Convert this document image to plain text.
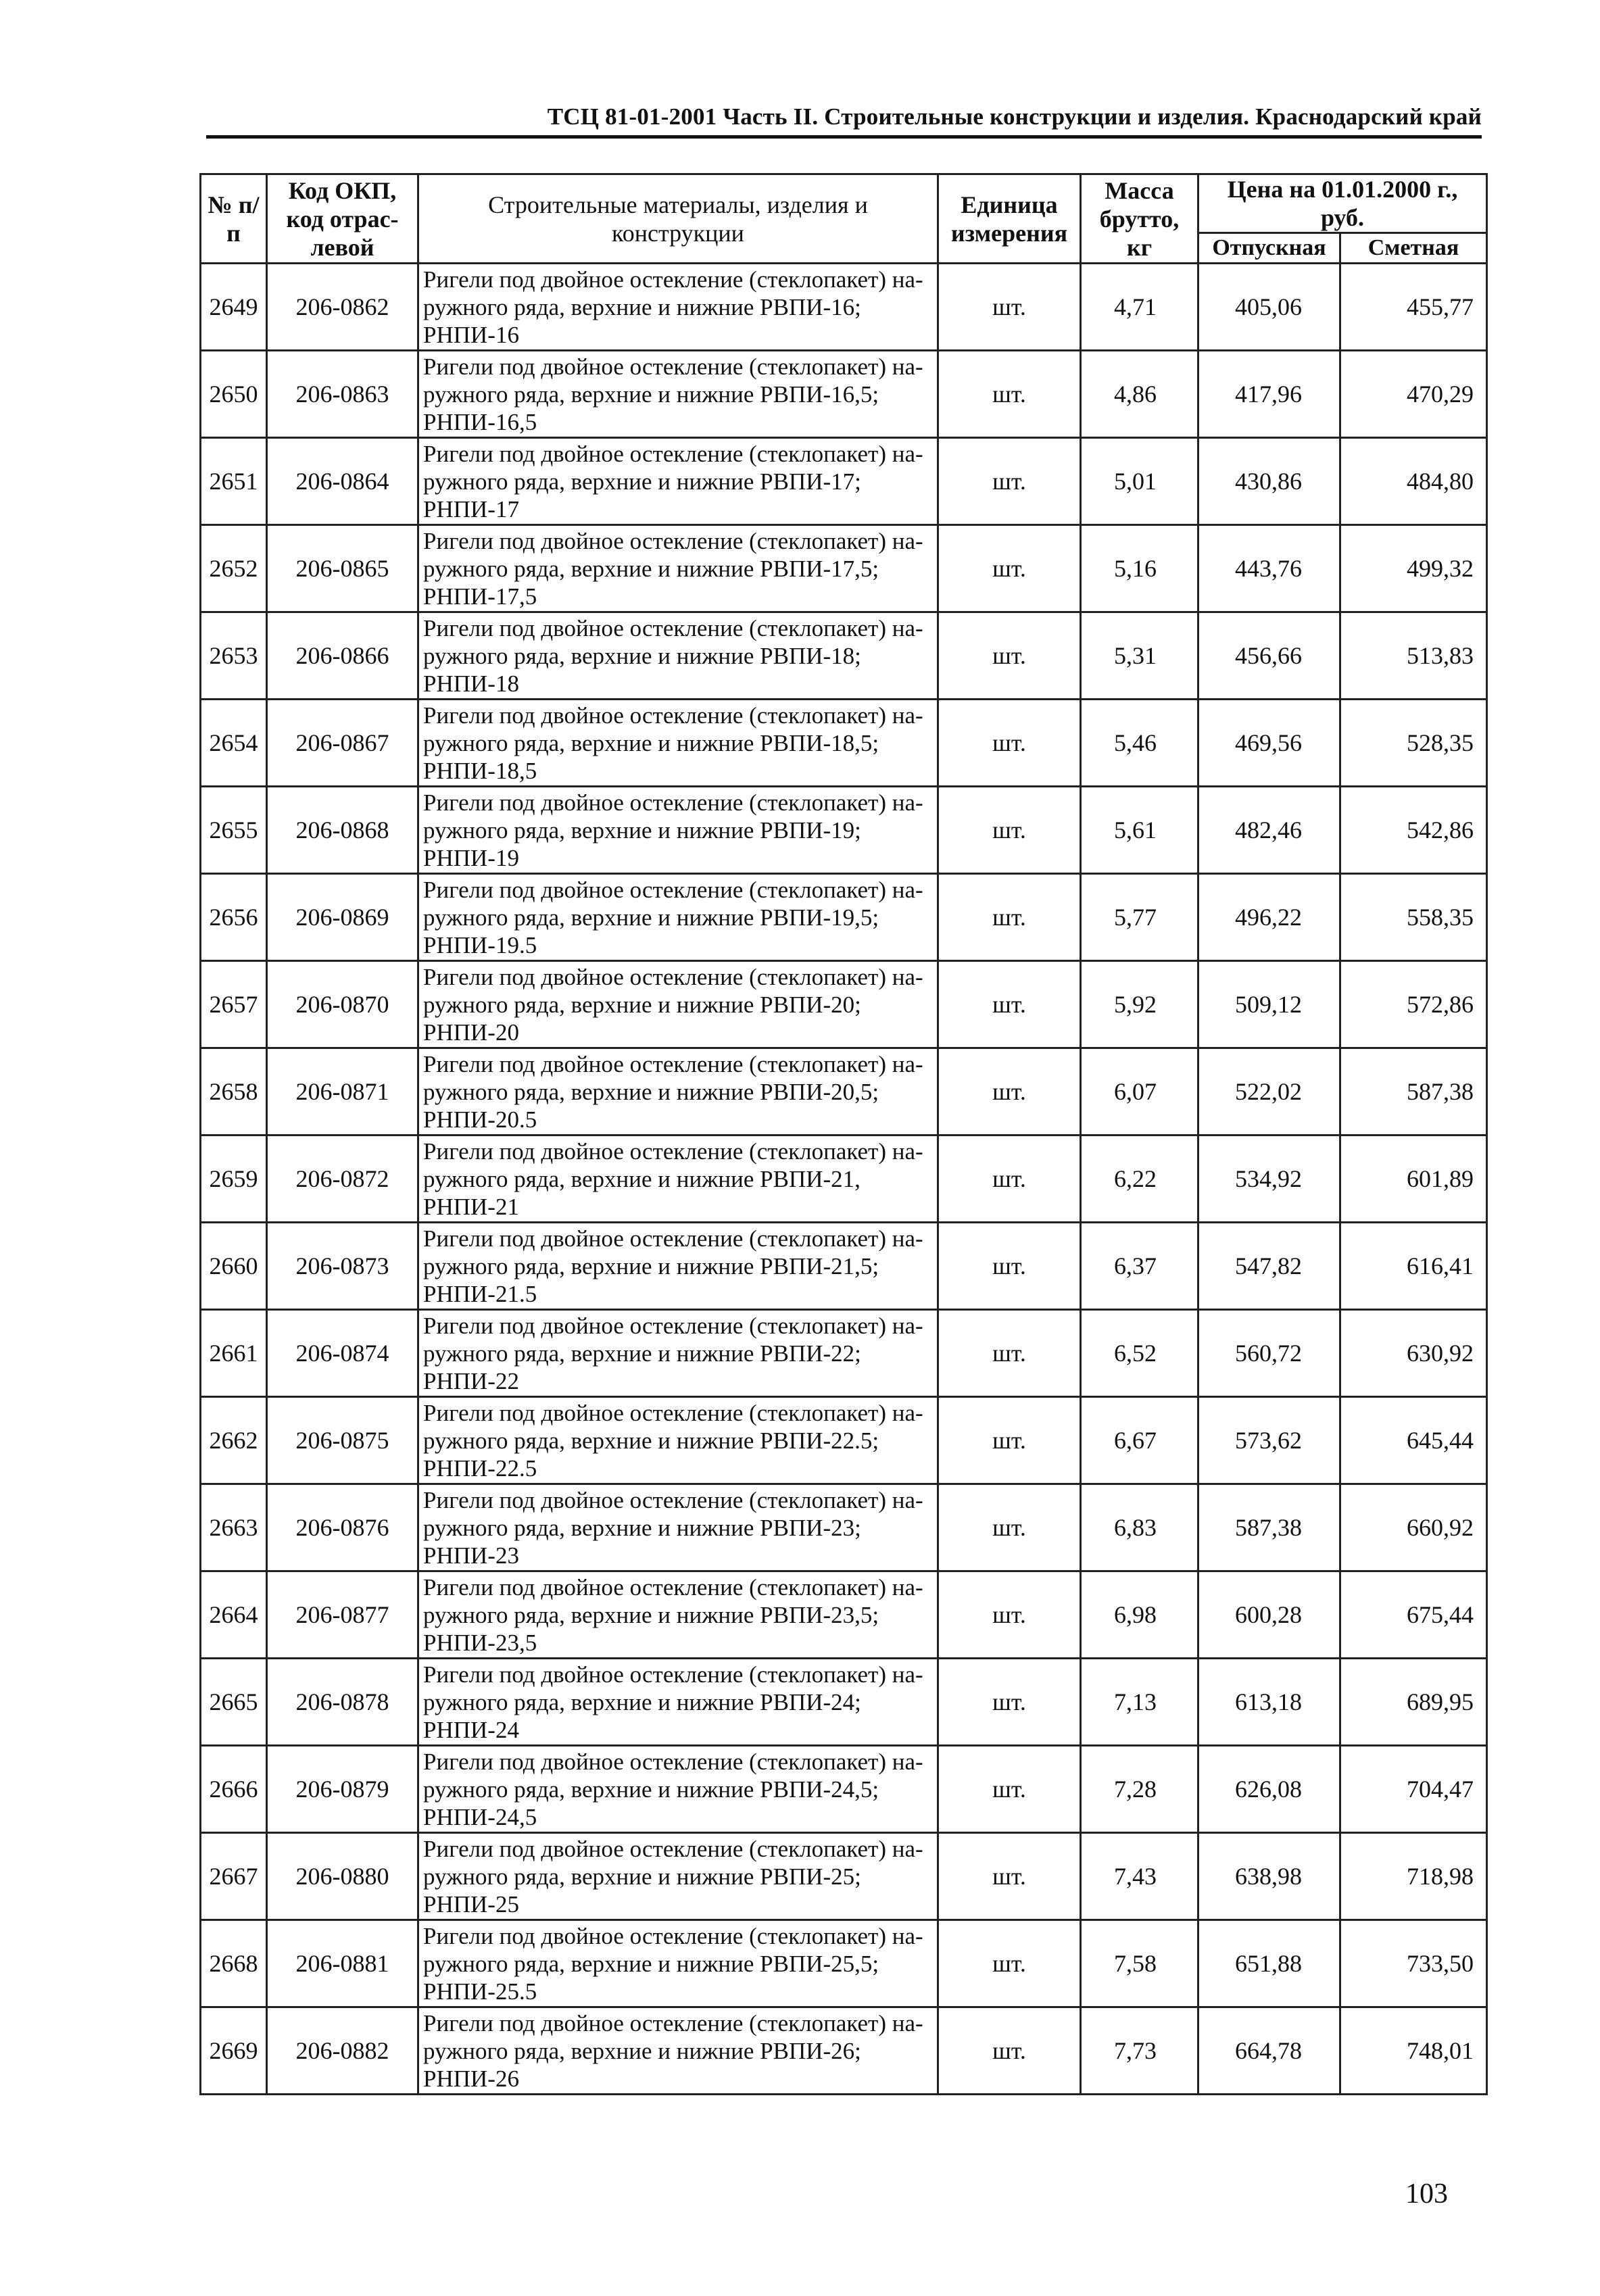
ТСЦ 81-01-2001 Часть II. Строительные конструкции и изделия. Краснодарский край
№ п/п	Код ОКП, код отрас-левой	Строительные материалы, изделия и конструкции	Единица измерения	Масса брутто, кг	Цена на 01.01.2000 г., руб.	
					Отпускная	Сметная
2649	206-0862	Ригели под двойное остекление (стеклопакет) на-
ружного ряда, верхние и нижние РВПИ-16;
РНПИ-16	шт.	4,71	405,06	455,77
2650	206-0863	Ригели под двойное остекление (стеклопакет) на-
ружного ряда, верхние и нижние РВПИ-16,5;
РНПИ-16,5	шт.	4,86	417,96	470,29
2651	206-0864	Ригели под двойное остекление (стеклопакет) на-
ружного ряда, верхние и нижние РВПИ-17;
РНПИ-17	шт.	5,01	430,86	484,80
2652	206-0865	Ригели под двойное остекление (стеклопакет) на-
ружного ряда, верхние и нижние РВПИ-17,5;
РНПИ-17,5	шт.	5,16	443,76	499,32
2653	206-0866	Ригели под двойное остекление (стеклопакет) на-
ружного ряда, верхние и нижние РВПИ-18;
РНПИ-18	шт.	5,31	456,66	513,83
2654	206-0867	Ригели под двойное остекление (стеклопакет) на-
ружного ряда, верхние и нижние РВПИ-18,5;
РНПИ-18,5	шт.	5,46	469,56	528,35
2655	206-0868	Ригели под двойное остекление (стеклопакет) на-
ружного ряда, верхние и нижние РВПИ-19;
РНПИ-19	шт.	5,61	482,46	542,86
2656	206-0869	Ригели под двойное остекление (стеклопакет) на-
ружного ряда, верхние и нижние РВПИ-19,5;
РНПИ-19.5	шт.	5,77	496,22	558,35
2657	206-0870	Ригели под двойное остекление (стеклопакет) на-
ружного ряда, верхние и нижние РВПИ-20;
РНПИ-20	шт.	5,92	509,12	572,86
2658	206-0871	Ригели под двойное остекление (стеклопакет) на-
ружного ряда, верхние и нижние РВПИ-20,5;
РНПИ-20.5	шт.	6,07	522,02	587,38
2659	206-0872	Ригели под двойное остекление (стеклопакет) на-
ружного ряда, верхние и нижние РВПИ-21,
РНПИ-21	шт.	6,22	534,92	601,89
2660	206-0873	Ригели под двойное остекление (стеклопакет) на-
ружного ряда, верхние и нижние РВПИ-21,5;
РНПИ-21.5	шт.	6,37	547,82	616,41
2661	206-0874	Ригели под двойное остекление (стеклопакет) на-
ружного ряда, верхние и нижние РВПИ-22;
РНПИ-22	шт.	6,52	560,72	630,92
2662	206-0875	Ригели под двойное остекление (стеклопакет) на-
ружного ряда, верхние и нижние РВПИ-22.5;
РНПИ-22.5	шт.	6,67	573,62	645,44
2663	206-0876	Ригели под двойное остекление (стеклопакет) на-
ружного ряда, верхние и нижние РВПИ-23;
РНПИ-23	шт.	6,83	587,38	660,92
2664	206-0877	Ригели под двойное остекление (стеклопакет) на-
ружного ряда, верхние и нижние РВПИ-23,5;
РНПИ-23,5	шт.	6,98	600,28	675,44
2665	206-0878	Ригели под двойное остекление (стеклопакет) на-
ружного ряда, верхние и нижние РВПИ-24;
РНПИ-24	шт.	7,13	613,18	689,95
2666	206-0879	Ригели под двойное остекление (стеклопакет) на-
ружного ряда, верхние и нижние РВПИ-24,5;
РНПИ-24,5	шт.	7,28	626,08	704,47
2667	206-0880	Ригели под двойное остекление (стеклопакет) на-
ружного ряда, верхние и нижние РВПИ-25;
РНПИ-25	шт.	7,43	638,98	718,98
2668	206-0881	Ригели под двойное остекление (стеклопакет) на-
ружного ряда, верхние и нижние РВПИ-25,5;
РНПИ-25.5	шт.	7,58	651,88	733,50
2669	206-0882	Ригели под двойное остекление (стеклопакет) на-
ружного ряда, верхние и нижние РВПИ-26;
РНПИ-26	шт.	7,73	664,78	748,01
103
